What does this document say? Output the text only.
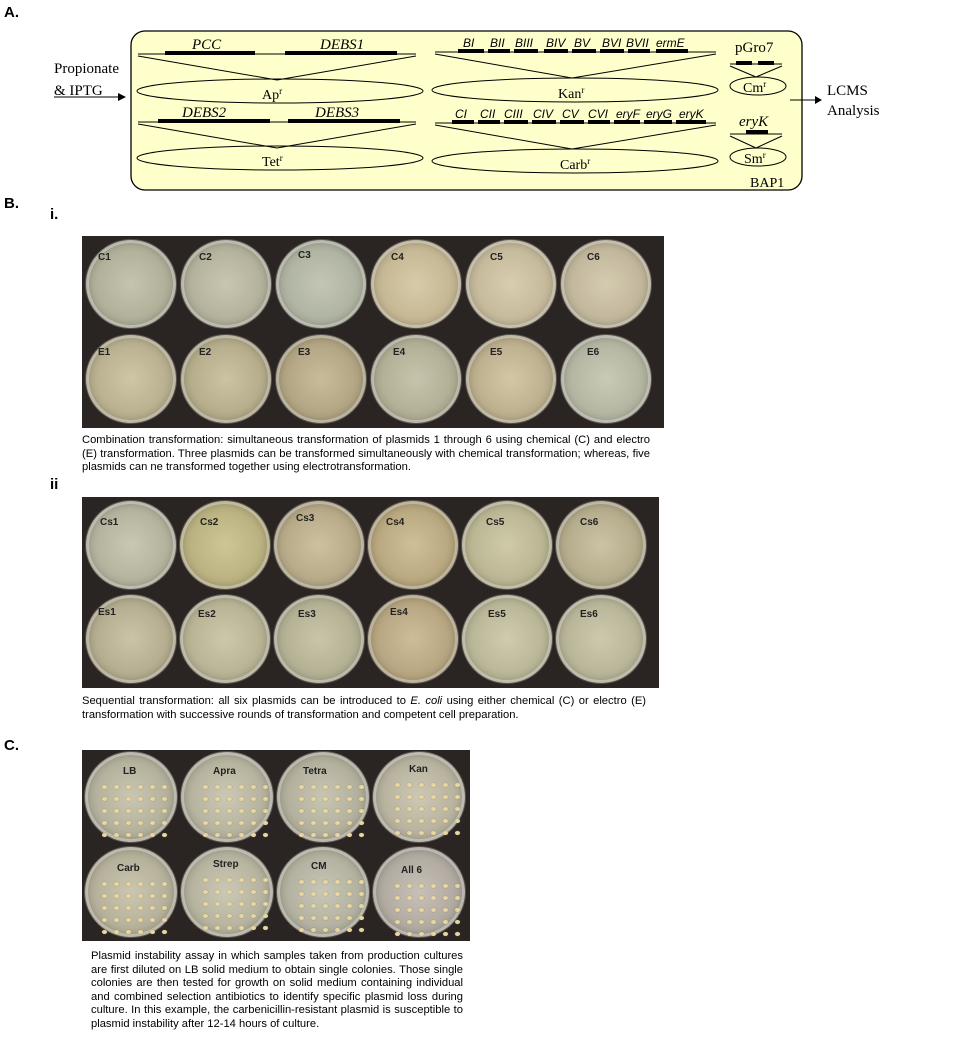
A.
B.
i.
ii
C.
Propionate
& IPTG	LCMS
Analysis
BAP1
PCC	DEBS1
Ap$^r$
DEBS2	DEBS3
Tet$^r$
BI BII BIII BIV BV BVI BVII ermE
Kan$^r$
CI CII CIII CIV CV CVI eryF eryG eryK
Carb$^r$
pGro7
Cm$^r$
eryK
Sm$^r$
C1	C2	C3	C4	C5	C6
E1	E2	E3	E4	E5	E6
Combination transformation: simultaneous transformation of plasmids 1 through 6 using chemical (C) and electro (E) transformation. Three plasmids can be transformed simultaneously with chemical transformation; whereas, five plasmids can ne transformed together using electrotransformation.
Cs1	Cs2	Cs3	Cs4	Cs5	Cs6
Es1	Es2	Es3	Es4	Es5	Es6
Sequential transformation: all six plasmids can be introduced to E. coli using either chemical (C) or electro (E) transformation with successive rounds of transformation and competent cell preparation.
LB	Apra	Tetra	Kan
Carb	Strep	CM	All 6
Plasmid instability assay in which samples taken from production cultures are first diluted on LB solid medium to obtain single colonies. Those single colonies are then tested for growth on solid medium containing individual and combined selection antibiotics to identify specific plasmid loss during culture. In this example, the carbenicillin-resistant plasmid is susceptible to plasmid instability after 12-14 hours of culture.
